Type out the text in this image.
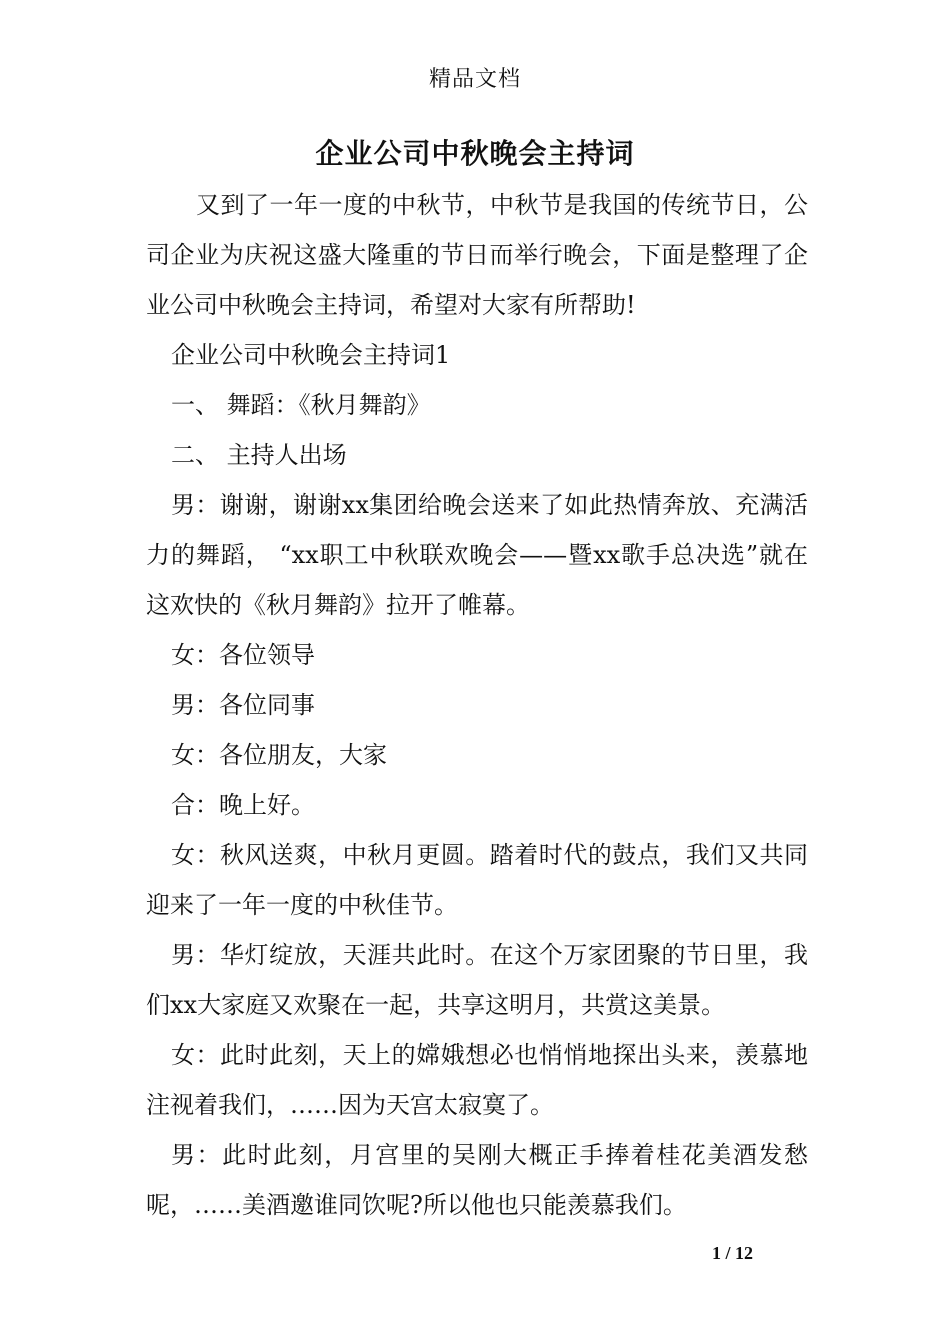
精品文档
企业公司中秋晚会主持词

又到了一年一度的中秋节，中秋节是我国的传统节日，公司企业为庆祝这盛大隆重的节日而举行晚会，下面是整理了企业公司中秋晚会主持词，希望对大家有所帮助!

企业公司中秋晚会主持词1

一、 舞蹈：《秋月舞韵》

二、 主持人出场

男：谢谢，谢谢xx集团给晚会送来了如此热情奔放、充满活力的舞蹈， “xx职工中秋联欢晚会——暨xx歌手总决选”就在这欢快的《秋月舞韵》拉开了帷幕。

女：各位领导

男：各位同事

女：各位朋友，大家

合：晚上好。

女：秋风送爽，中秋月更圆。踏着时代的鼓点，我们又共同迎来了一年一度的中秋佳节。

男：华灯绽放，天涯共此时。在这个万家团聚的节日里，我们xx大家庭又欢聚在一起，共享这明月，共赏这美景。

女：此时此刻，天上的嫦娥想必也悄悄地探出头来，羡慕地注视着我们，……因为天宫太寂寞了。

男：此时此刻，月宫里的吴刚大概正手捧着桂花美酒发愁呢，……美酒邀谁同饮呢?所以他也只能羡慕我们。

1 / 12
